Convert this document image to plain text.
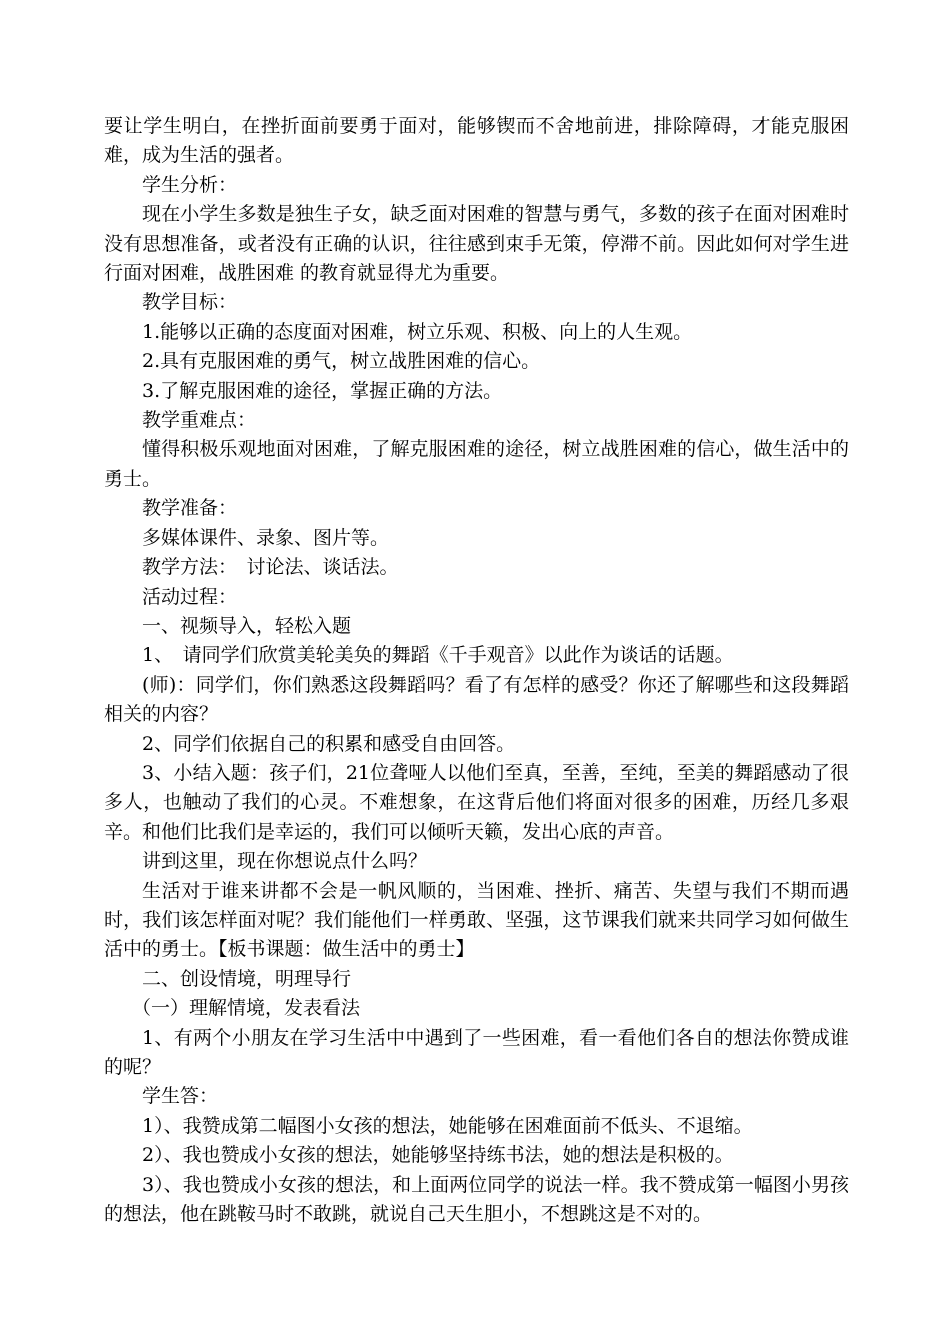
要让学生明白，在挫折面前要勇于面对，能够锲而不舍地前进，排除障碍，才能克服困难，成为生活的强者。

学生分析：

现在小学生多数是独生子女，缺乏面对困难的智慧与勇气，多数的孩子在面对困难时没有思想准备，或者没有正确的认识，往往感到束手无策，停滞不前。因此如何对学生进行面对困难，战胜困难 的教育就显得尤为重要。

教学目标：

1.能够以正确的态度面对困难，树立乐观、积极、向上的人生观。

2.具有克服困难的勇气，树立战胜困难的信心。

3.了解克服困难的途径，掌握正确的方法。

教学重难点：

懂得积极乐观地面对困难，了解克服困难的途径，树立战胜困难的信心，做生活中的勇士。

教学准备：

多媒体课件、录象、图片等。

教学方法：　讨论法、谈话法。

活动过程：

一、视频导入，轻松入题

1、　请同学们欣赏美轮美奂的舞蹈《千手观音》以此作为谈话的话题。

(师)：同学们，你们熟悉这段舞蹈吗？看了有怎样的感受？你还了解哪些和这段舞蹈相关的内容？

2、同学们依据自己的积累和感受自由回答。

3、小结入题：孩子们，21位聋哑人以他们至真，至善，至纯，至美的舞蹈感动了很多人，也触动了我们的心灵。不难想象，在这背后他们将面对很多的困难，历经几多艰辛。和他们比我们是幸运的，我们可以倾听天籁，发出心底的声音。

讲到这里，现在你想说点什么吗？

生活对于谁来讲都不会是一帆风顺的，当困难、挫折、痛苦、失望与我们不期而遇时，我们该怎样面对呢？我们能他们一样勇敢、坚强，这节课我们就来共同学习如何做生活中的勇士。【板书课题：做生活中的勇士】

二、创设情境，明理导行

（一）理解情境，发表看法

1、有两个小朋友在学习生活中中遇到了一些困难，看一看他们各自的想法你赞成谁的呢？

学生答：

1）、我赞成第二幅图小女孩的想法，她能够在困难面前不低头、不退缩。

2）、我也赞成小女孩的想法，她能够坚持练书法，她的想法是积极的。

3）、我也赞成小女孩的想法，和上面两位同学的说法一样。我不赞成第一幅图小男孩的想法，他在跳鞍马时不敢跳，就说自己天生胆小，不想跳这是不对的。
